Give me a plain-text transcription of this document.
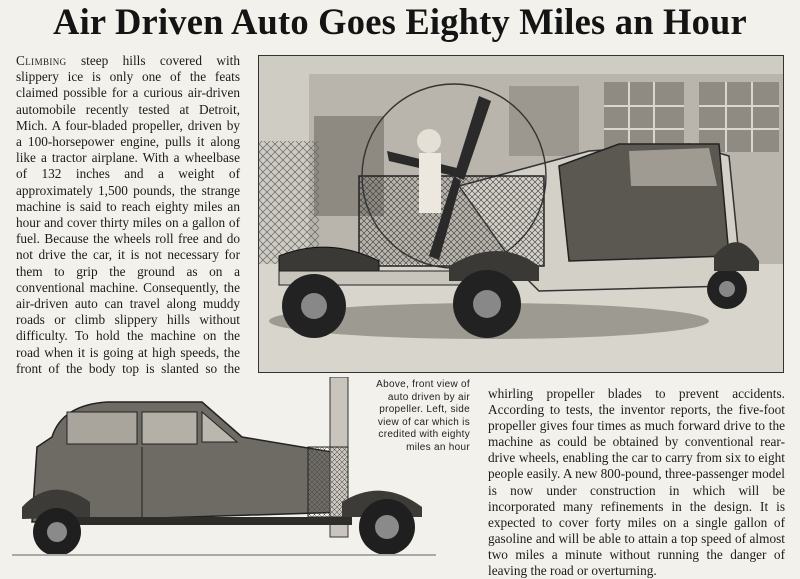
Air Driven Auto Goes Eighty Miles an Hour
Climbing steep hills covered with slippery ice is only one of the feats claimed possible for a curious air-driven automobile recently tested at Detroit, Mich. A four-bladed propeller, driven by a 100-horsepower engine, pulls it along like a tractor airplane. With a wheelbase of 132 inches and a weight of approximately 1,500 pounds, the strange machine is said to reach eighty miles an hour and cover thirty miles on a gallon of fuel. Because the wheels roll free and do not drive the car, it is not necessary for them to grip the ground as on a conventional machine. Consequently, the air-driven auto can travel along muddy roads or climb slippery hills without difficulty. To hold the machine on the road when it is going at high speeds, the front of the body top is slanted so the
Above, front view of auto driven by air propeller. Left, side view of car which is credited with eighty miles an hour
whirling propeller blades to prevent accidents. According to tests, the inventor reports, the five-foot propeller gives four times as much forward drive to the machine as could be obtained by conventional rear-drive wheels, enabling the car to carry from six to eight people easily. A new 800-pound, three-passenger model is now under construction in which will be incorporated many refinements in the design. It is expected to cover forty miles on a single gallon of gasoline and will be able to attain a top speed of almost two miles a minute without running the danger of leaving the road or overturning.
